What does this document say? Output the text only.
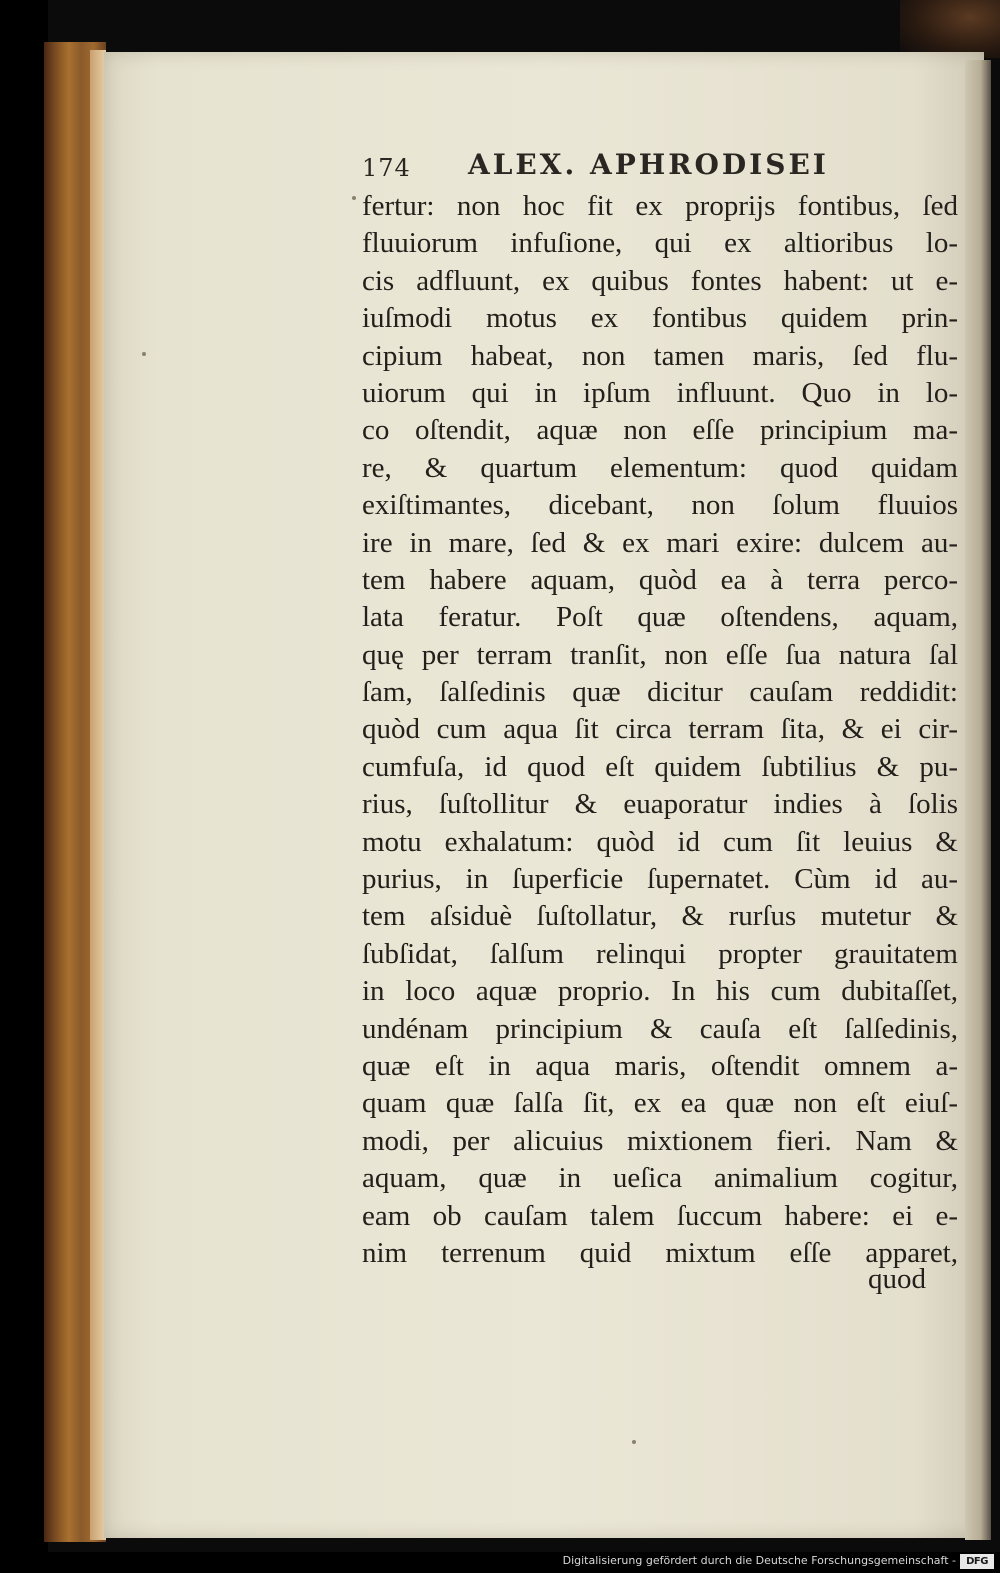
174 ALEX. APHRODISEI
fertur: non hoc fit ex proprijs fontibus, ſed
fluuiorum infuſione, qui ex altioribus lo-
cis adfluunt, ex quibus fontes habent: ut e-
iuſmodi motus ex fontibus quidem prin-
cipium habeat, non tamen maris, ſed flu-
uiorum qui in ipſum influunt. Quo in lo-
co oſtendit, aquæ non eſſe principium ma-
re, & quartum elementum: quod quidam
exiſtimantes, dicebant, non ſolum fluuios
ire in mare, ſed & ex mari exire: dulcem au-
tem habere aquam, quòd ea à terra perco-
lata feratur. Poſt quæ oſtendens, aquam,
quę per terram tranſit, non eſſe ſua natura ſal
ſam, ſalſedinis quæ dicitur cauſam reddidit:
quòd cum aqua ſit circa terram ſita, & ei cir-
cumfuſa, id quod eſt quidem ſubtilius & pu-
rius, ſuſtollitur & euaporatur indies à ſolis
motu exhalatum: quòd id cum ſit leuius &
purius, in ſuperficie ſupernatet. Cùm id au-
tem aſsiduè ſuſtollatur, & rurſus mutetur &
ſubſidat, ſalſum relinqui propter grauitatem
in loco aquæ proprio. In his cum dubitaſſet,
undénam principium & cauſa eſt ſalſedinis,
quæ eſt in aqua maris, oſtendit omnem a-
quam quæ ſalſa ſit, ex ea quæ non eſt eiuſ-
modi, per alicuius mixtionem fieri. Nam &
aquam, quæ in ueſica animalium cogitur,
eam ob cauſam talem ſuccum habere: ei e-
nim terrenum quid mixtum eſſe apparet,
quod
Digitalisierung gefördert durch die Deutsche Forschungsgemeinschaft -	DFG
